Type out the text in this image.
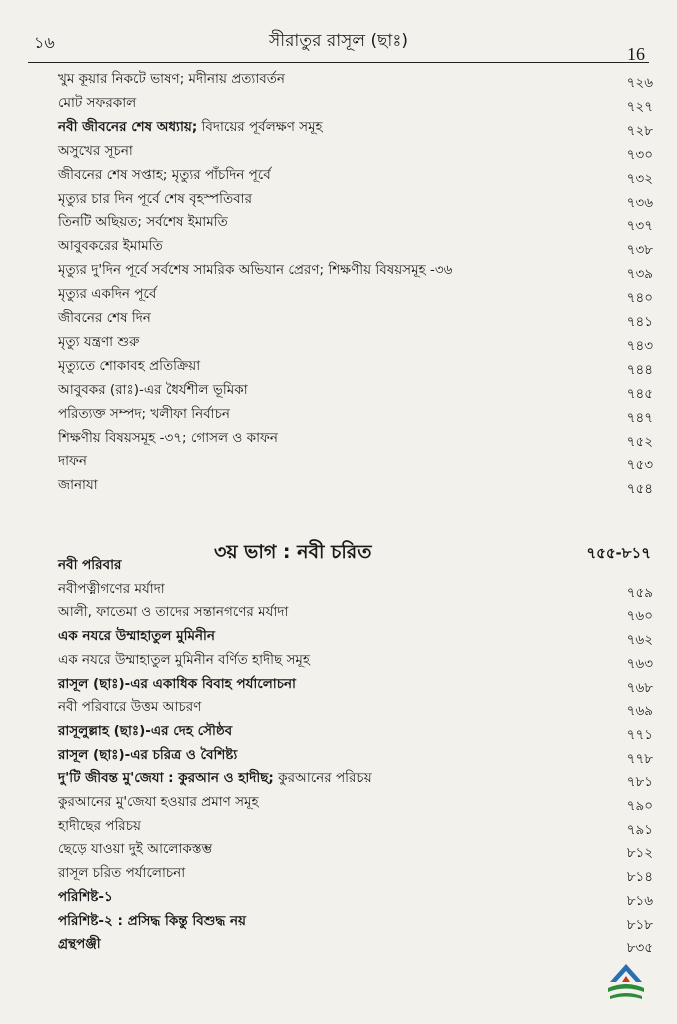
১৬	সীরাতুর রাসূল (ছাঃ)
16
খুম কূয়ার নিকটে ভাষণ; মদীনায় প্রত্যাবর্তন	৭২৬
মোট সফরকাল	৭২৭
নবী জীবনের শেষ অধ্যায়; বিদায়ের পূর্বলক্ষণ সমূহ	৭২৮
অসুখের সূচনা	৭৩০
জীবনের শেষ সপ্তাহ; মৃত্যুর পাঁচদিন পূর্বে	৭৩২
মৃত্যুর চার দিন পূর্বে শেষ বৃহস্পতিবার	৭৩৬
তিনটি অছিয়ত; সর্বশেষ ইমামতি	৭৩৭
আবুবকরের ইমামতি	৭৩৮
মৃত্যুর দু'দিন পূর্বে সর্বশেষ সামরিক অভিযান প্রেরণ; শিক্ষণীয় বিষয়সমূহ -৩৬	৭৩৯
মৃত্যুর একদিন পূর্বে	৭৪০
জীবনের শেষ দিন	৭৪১
মৃত্যু যন্ত্রণা শুরু	৭৪৩
মৃত্যুতে শোকাবহ প্রতিক্রিয়া	৭৪৪
আবুবকর (রাঃ)-এর ধৈর্যশীল ভূমিকা	৭৪৫
পরিত্যক্ত সম্পদ; খলীফা নির্বাচন	৭৪৭
শিক্ষণীয় বিষয়সমূহ -৩৭; গোসল ও কাফন	৭৫২
দাফন	৭৫৩
জানাযা	৭৫৪
নবী পরিবার
নবীপত্নীগণের মর্যাদা	৭৫৯
আলী, ফাতেমা ও তাদের সন্তানগণের মর্যাদা	৭৬০
এক নযরে উম্মাহাতুল মুমিনীন	৭৬২
এক নযরে উম্মাহাতুল মুমিনীন বর্ণিত হাদীছ সমূহ	৭৬৩
রাসূল (ছাঃ)-এর একাধিক বিবাহ পর্যালোচনা	৭৬৮
নবী পরিবারে উত্তম আচরণ	৭৬৯
রাসূলুল্লাহ (ছাঃ)-এর দেহ সৌষ্ঠব	৭৭১
রাসূল (ছাঃ)-এর চরিত্র ও বৈশিষ্ট্য	৭৭৮
দু'টি জীবন্ত মু'জেযা : কুরআন ও হাদীছ; কুরআনের পরিচয়	৭৮১
কুরআনের মু'জেযা হওয়ার প্রমাণ সমূহ	৭৯০
হাদীছের পরিচয়	৭৯১
ছেড়ে যাওয়া দুই আলোকস্তম্ভ	৮১২
রাসূল চরিত পর্যালোচনা	৮১৪
পরিশিষ্ট-১	৮১৬
পরিশিষ্ট-২ : প্রসিদ্ধ কিন্তু বিশুদ্ধ নয়	৮১৮
গ্রন্থপঞ্জী	৮৩৫
৩য় ভাগ : নবী চরিত	৭৫৫-৮১৭
